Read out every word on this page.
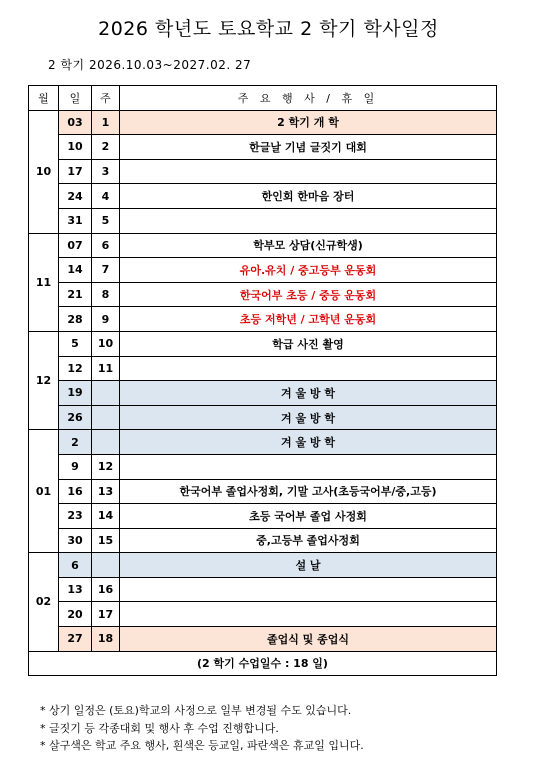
2026 학년도 토요학교 2 학기 학사일정
2 학기 2026.10.03~2027.02. 27
월	일	주	주 요 행 사 / 휴 일
10	03	1	2 학기 개 학
	10	2	한글날 기념 글짓기 대회
	17	3	
	24	4	한인회 한마음 장터
	31	5	
11	07	6	학부모 상담(신규학생)
	14	7	유아.유치 / 중고등부 운동회
	21	8	한국어부 초등 / 중등 운동회
	28	9	초등 저학년 / 고학년 운동회
12	5	10	학급 사진 촬영
	12	11	
	19		겨 울 방 학
	26		겨 울 방 학
01	2		겨 울 방 학
	9	12	
	16	13	한국어부 졸업사정회, 기말 고사(초등국어부/중,고등)
	23	14	초등 국어부 졸업 사정회
	30	15	중,고등부 졸업사정회
02	6		설 날
	13	16	
	20	17	
	27	18	졸업식 및 종업식
(2 학기 수업일수 : 18 일)			
* 상기 일정은 (토요)학교의 사정으로 일부 변경될 수도 있습니다.
* 글짓기 등 각종대회 및 행사 후 수업 진행합니다.
* 살구색은 학교 주요 행사, 흰색은 등교일, 파란색은 휴교일 입니다.
